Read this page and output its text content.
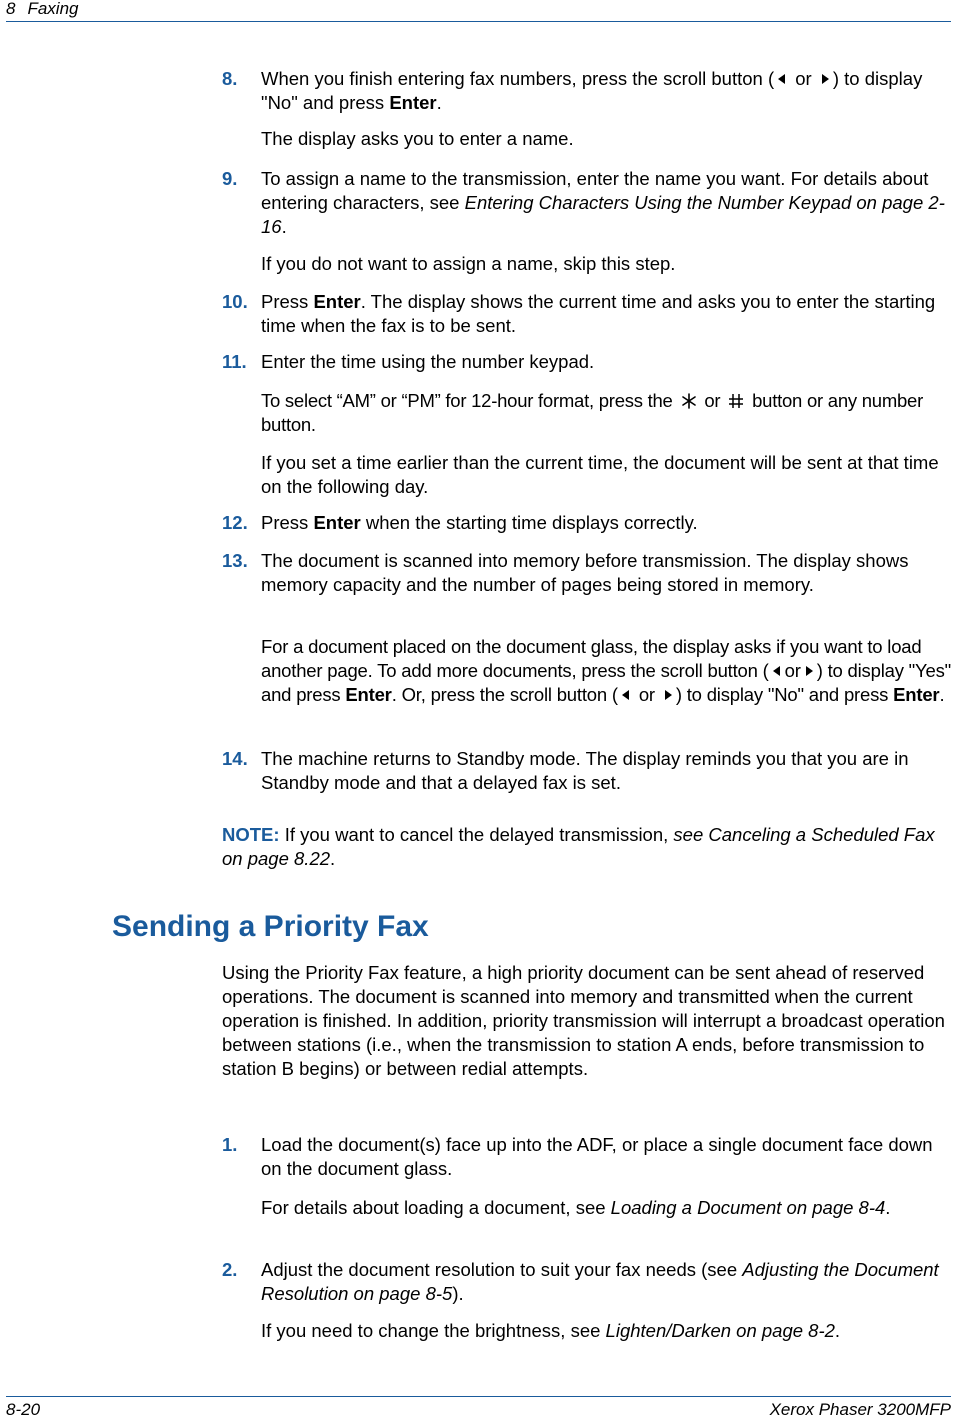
8 Faxing
8. When you finish entering fax numbers, press the scroll button ( or ) to display "No" and press Enter.
The display asks you to enter a name.
9. To assign a name to the transmission, enter the name you want. For details about entering characters, see Entering Characters Using the Number Keypad on page 2-16.
If you do not want to assign a name, skip this step.
10. Press Enter. The display shows the current time and asks you to enter the starting time when the fax is to be sent.
11. Enter the time using the number keypad.
To select “AM” or “PM” for 12-hour format, press the or button or any number button.
If you set a time earlier than the current time, the document will be sent at that time on the following day.
12. Press Enter when the starting time displays correctly.
13. The document is scanned into memory before transmission. The display shows memory capacity and the number of pages being stored in memory.
For a document placed on the document glass, the display asks if you want to load another page. To add more documents, press the scroll button ( or ) to display "Yes" and press Enter. Or, press the scroll button ( or ) to display "No" and press Enter.
14. The machine returns to Standby mode. The display reminds you that you are in Standby mode and that a delayed fax is set.
NOTE: If you want to cancel the delayed transmission, see Canceling a Scheduled Fax on page 8.22.
Sending a Priority Fax
Using the Priority Fax feature, a high priority document can be sent ahead of reserved operations. The document is scanned into memory and transmitted when the current operation is finished. In addition, priority transmission will interrupt a broadcast operation between stations (i.e., when the transmission to station A ends, before transmission to station B begins) or between redial attempts.
1. Load the document(s) face up into the ADF, or place a single document face down on the document glass.
For details about loading a document, see Loading a Document on page 8-4.
2. Adjust the document resolution to suit your fax needs (see Adjusting the Document Resolution on page 8-5).
If you need to change the brightness, see Lighten/Darken on page 8-2.
8-20	Xerox Phaser 3200MFP
